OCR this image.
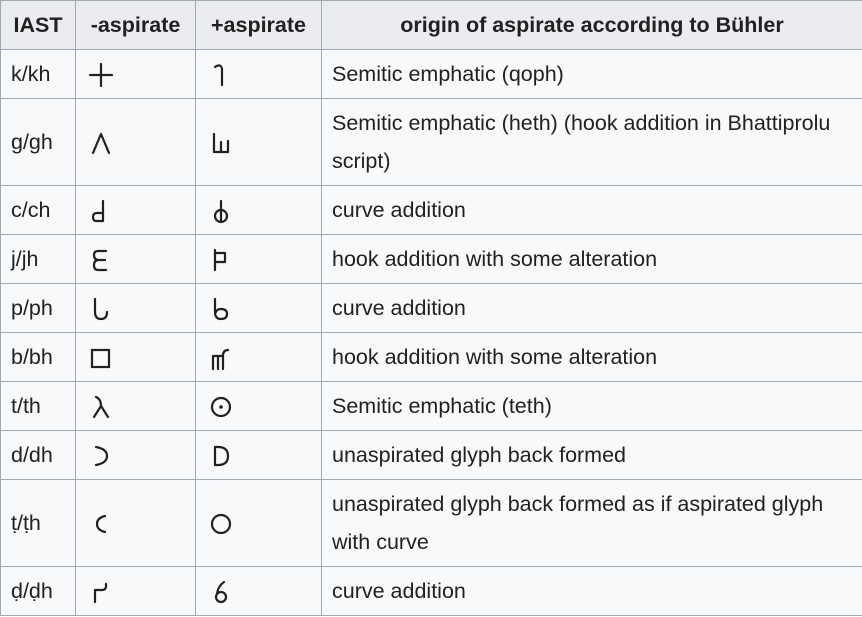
IAST	-aspirate	+aspirate	origin of aspirate according to Bühler
k/kh			Semitic emphatic (qoph)
g/gh			Semitic emphatic (heth) (hook addition in Bhattiprolu script)
c/ch			curve addition
j/jh			hook addition with some alteration
p/ph			curve addition
b/bh			hook addition with some alteration
t/th			Semitic emphatic (teth)
d/dh			unaspirated glyph back formed
ṭ/ṭh			unaspirated glyph back formed as if aspirated glyph with curve
ḍ/ḍh			curve addition
